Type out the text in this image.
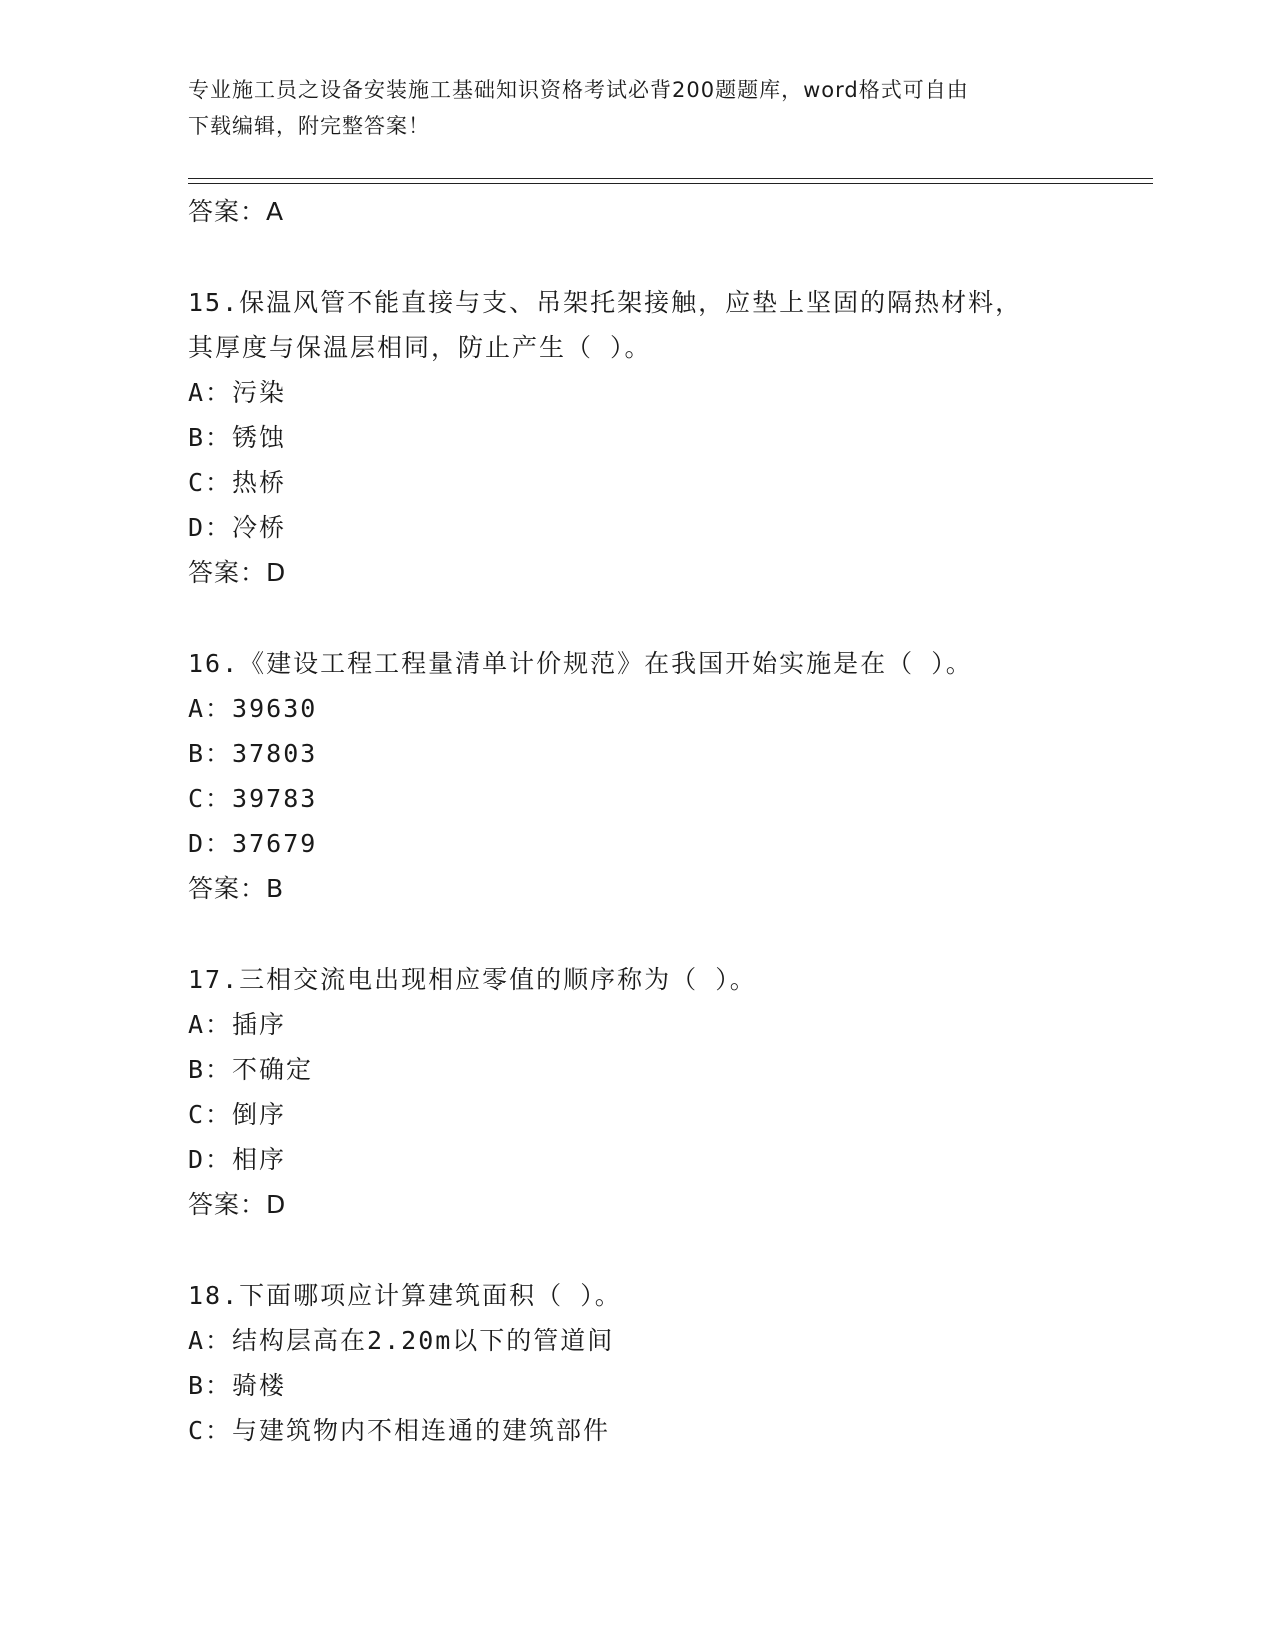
专业施工员之设备安装施工基础知识资格考试必背200题题库，word格式可自由
下载编辑，附完整答案！
答案：A
15.保温风管不能直接与支、吊架托架接触，应垫上坚固的隔热材料，
其厚度与保温层相同，防止产生（ ）。
A：污染
B：锈蚀
C：热桥
D：冷桥
答案：D
16.《建设工程工程量清单计价规范》在我国开始实施是在（ ）。
A：39630
B：37803
C：39783
D：37679
答案：B
17.三相交流电出现相应零值的顺序称为（ ）。
A：插序
B：不确定
C：倒序
D：相序
答案：D
18.下面哪项应计算建筑面积（ ）。
A：结构层高在2.20m以下的管道间
B：骑楼
C：与建筑物内不相连通的建筑部件
